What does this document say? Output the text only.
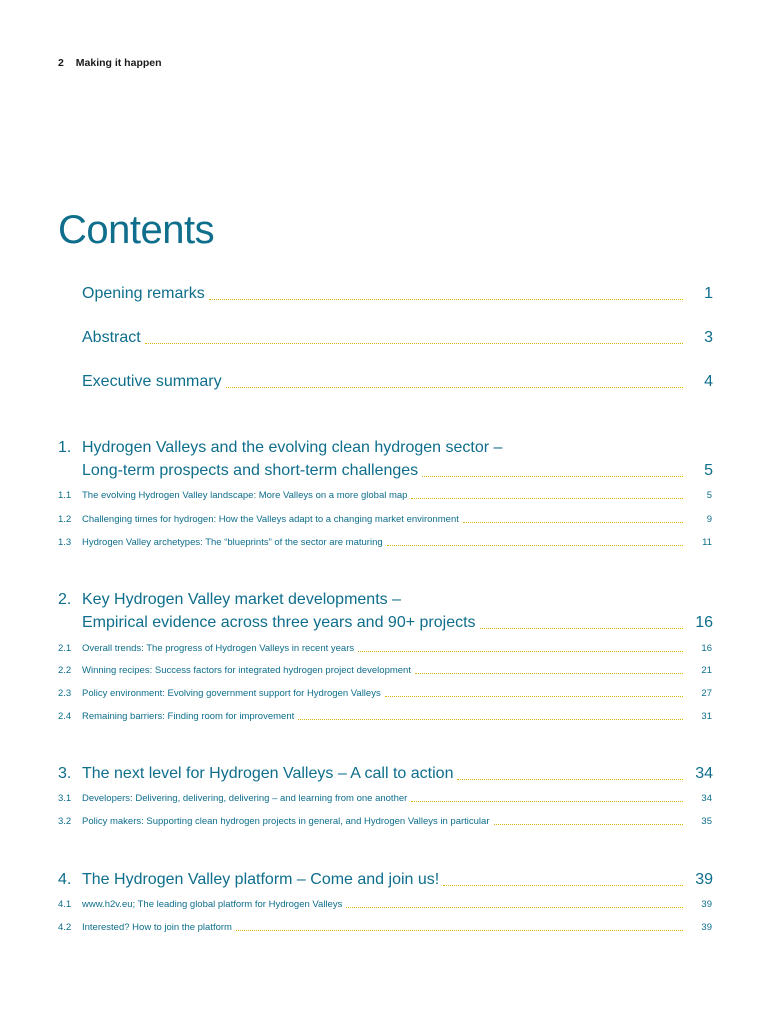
2 Making it happen
Contents
Opening remarks	1
Abstract	3
Executive summary	4
1. Hydrogen Valleys and the evolving clean hydrogen sector –
Long-term prospects and short-term challenges	5
1.1 The evolving Hydrogen Valley landscape: More Valleys on a more global map	5
1.2 Challenging times for hydrogen: How the Valleys adapt to a changing market environment	9
1.3 Hydrogen Valley archetypes: The “blueprints” of the sector are maturing	11
2. Key Hydrogen Valley market developments –
Empirical evidence across three years and 90+ projects	16
2.1 Overall trends: The progress of Hydrogen Valleys in recent years	16
2.2 Winning recipes: Success factors for integrated hydrogen project development	21
2.3 Policy environment: Evolving government support for Hydrogen Valleys	27
2.4 Remaining barriers: Finding room for improvement	31
3. The next level for Hydrogen Valleys – A call to action	34
3.1 Developers: Delivering, delivering, delivering – and learning from one another	34
3.2 Policy makers: Supporting clean hydrogen projects in general, and Hydrogen Valleys in particular	35
4. The Hydrogen Valley platform – Come and join us!	39
4.1 www.h2v.eu; The leading global platform for Hydrogen Valleys	39
4.2 Interested? How to join the platform	39
